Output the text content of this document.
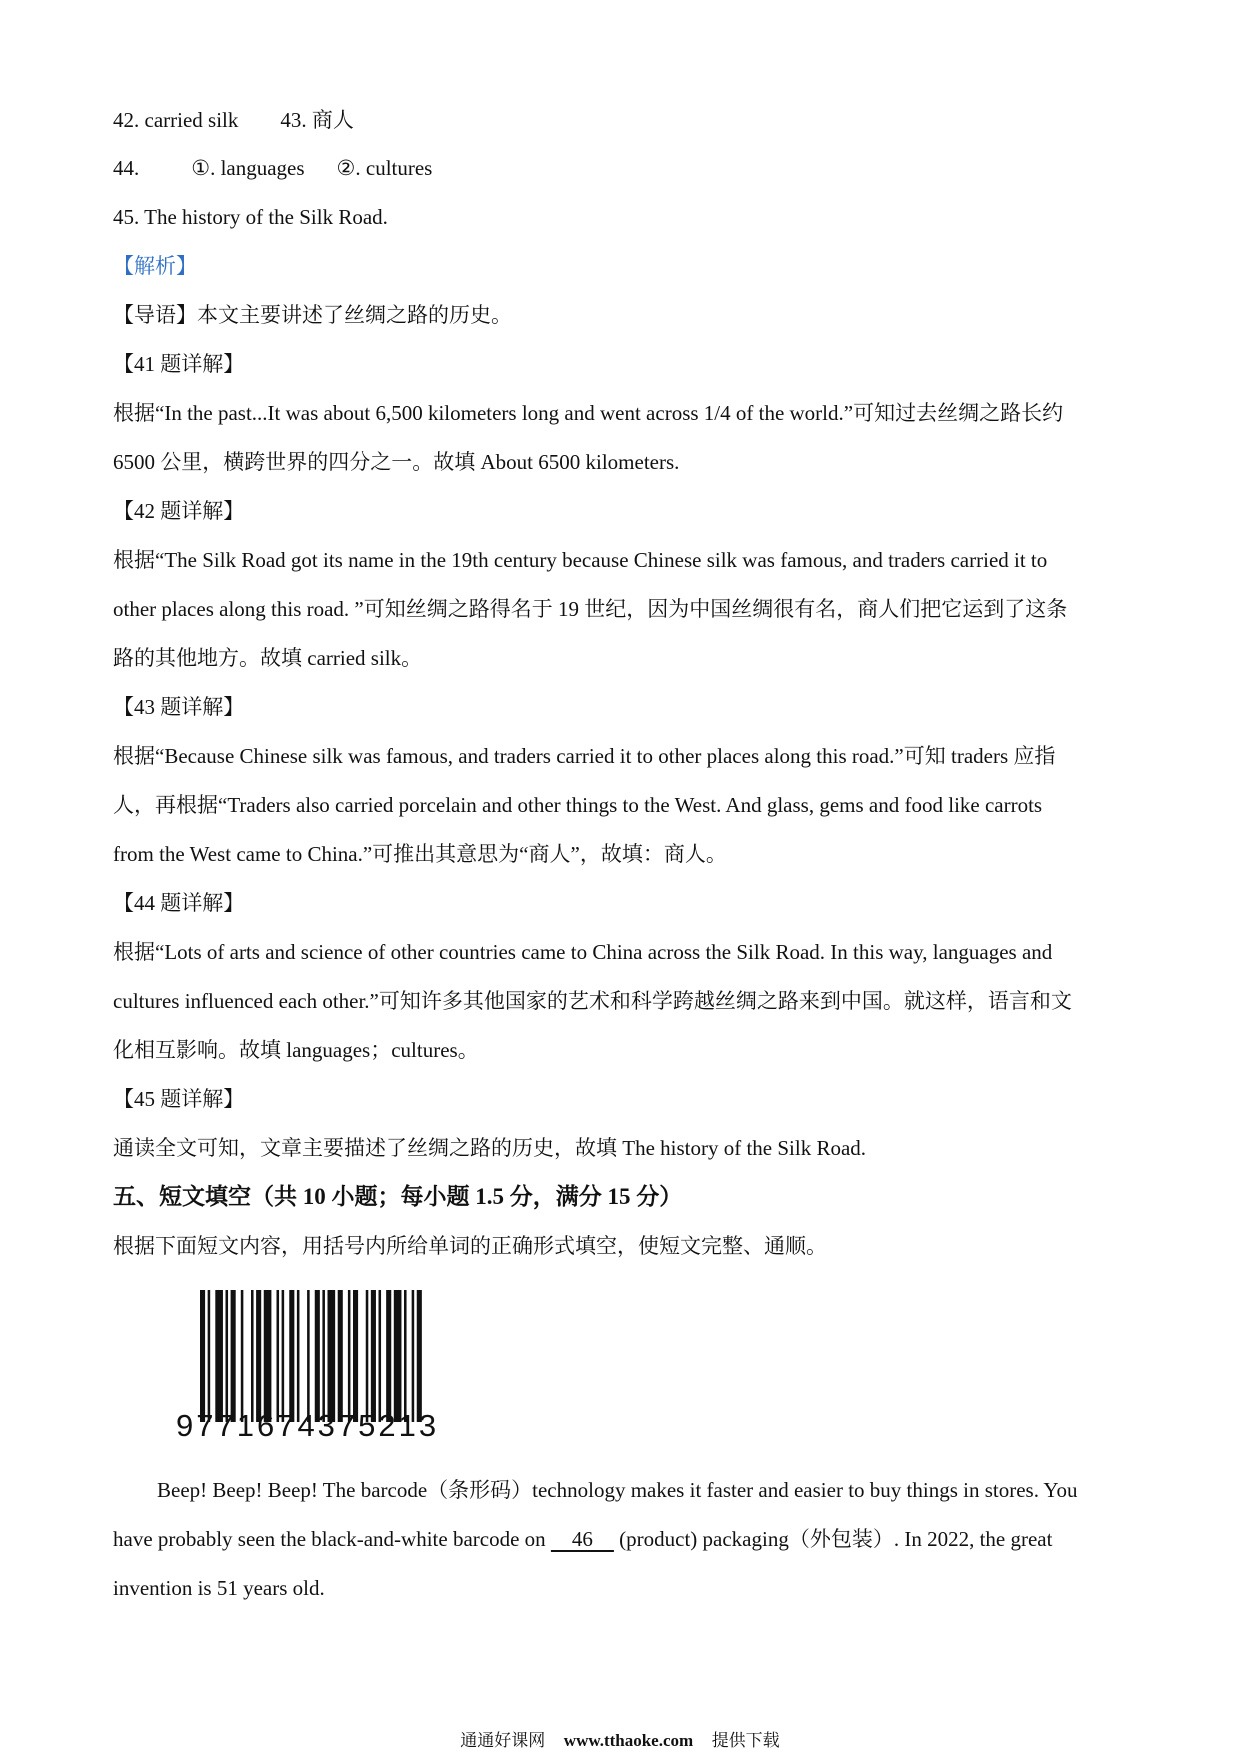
42. carried silk 43. 商人
44. ①. languages ②. cultures
45. The history of the Silk Road.
【解析】
【导语】本文主要讲述了丝绸之路的历史。
【41 题详解】
根据“In the past...It was about 6,500 kilometers long and went across 1/4 of the world.”可知过去丝绸之路长约
6500 公里，横跨世界的四分之一。故填 About 6500 kilometers.
【42 题详解】
根据“The Silk Road got its name in the 19th century because Chinese silk was famous, and traders carried it to
other places along this road. ”可知丝绸之路得名于 19 世纪，因为中国丝绸很有名，商人们把它运到了这条
路的其他地方。故填 carried silk。
【43 题详解】
根据“Because Chinese silk was famous, and traders carried it to other places along this road.”可知 traders 应指
人，再根据“Traders also carried porcelain and other things to the West. And glass, gems and food like carrots
from the West came to China.”可推出其意思为“商人”，故填：商人。
【44 题详解】
根据“Lots of arts and science of other countries came to China across the Silk Road. In this way, languages and
cultures influenced each other.”可知许多其他国家的艺术和科学跨越丝绸之路来到中国。就这样，语言和文
化相互影响。故填 languages；cultures。
【45 题详解】
通读全文可知，文章主要描述了丝绸之路的历史，故填 The history of the Silk Road.
五、短文填空（共 10 小题；每小题 1.5 分，满分 15 分）
根据下面短文内容，用括号内所给单词的正确形式填空，使短文完整、通顺。
9771674375213
Beep! Beep! Beep! The barcode（条形码）technology makes it faster and easier to buy things in stores. You
have probably seen the black-and-white barcode on     46     (product) packaging（外包装）. In 2022, the great
invention is 51 years old.
通通好课网 www.tthaoke.com 提供下载
